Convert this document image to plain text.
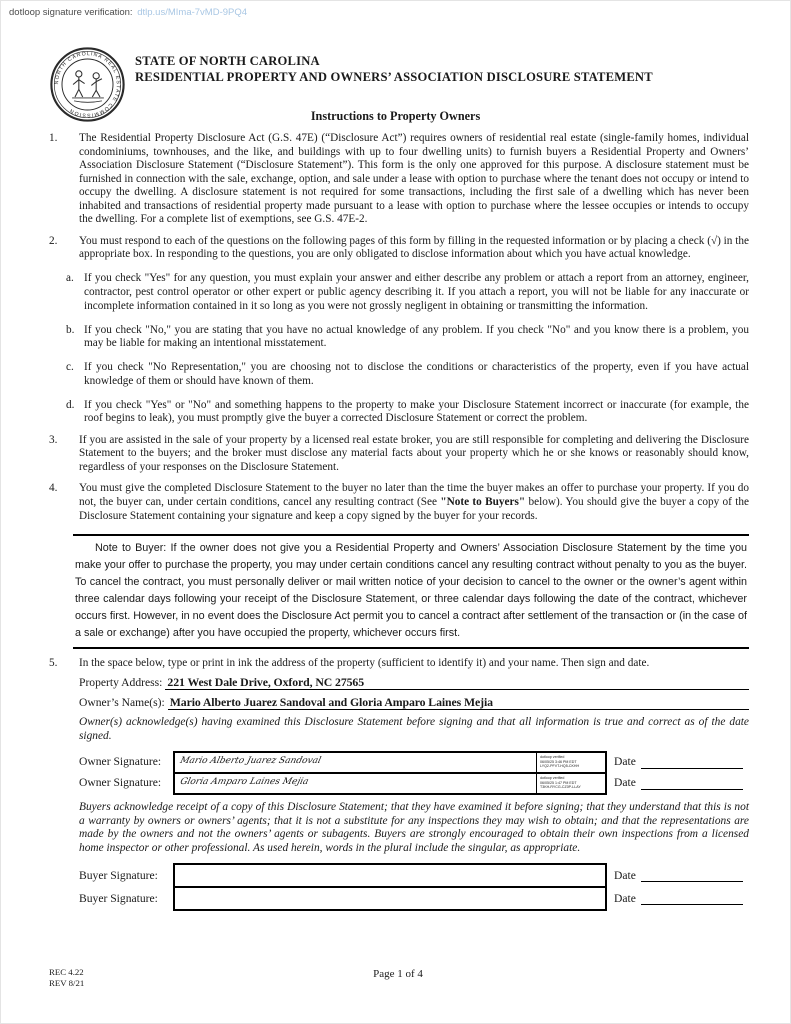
dotloop signature verification: dtlp.us/MIma-7vMD-9PQ4
NORTH CAROLINA REAL ESTATE COMMISSION
STATE OF NORTH CAROLINA
RESIDENTIAL PROPERTY AND OWNERS’ ASSOCIATION DISCLOSURE STATEMENT
Instructions to Property Owners
1.	The Residential Property Disclosure Act (G.S. 47E) (“Disclosure Act”) requires owners of residential real estate (single-family homes, individual condominiums, townhouses, and the like, and buildings with up to four dwelling units) to furnish buyers a Residential Property and Owners’ Association Disclosure Statement (“Disclosure Statement”). This form is the only one approved for this purpose. A disclosure statement must be furnished in connection with the sale, exchange, option, and sale under a lease with option to purchase where the tenant does not occupy or intend to occupy the dwelling. A disclosure statement is not required for some transactions, including the first sale of a dwelling which has never been inhabited and transactions of residential property made pursuant to a lease with option to purchase where the lessee occupies or intends to occupy the dwelling. For a complete list of exemptions, see G.S. 47E-2.
2.	You must respond to each of the questions on the following pages of this form by filling in the requested information or by placing a check (√) in the appropriate box. In responding to the questions, you are only obligated to disclose information about which you have actual knowledge.
a. If you check "Yes" for any question, you must explain your answer and either describe any problem or attach a report from an attorney, engineer, contractor, pest control operator or other expert or public agency describing it. If you attach a report, you will not be liable for any inaccurate or incomplete information contained in it so long as you were not grossly negligent in obtaining or transmitting the information.
b. If you check "No," you are stating that you have no actual knowledge of any problem. If you check "No" and you know there is a problem, you may be liable for making an intentional misstatement.
c. If you check "No Representation," you are choosing not to disclose the conditions or characteristics of the property, even if you have actual knowledge of them or should have known of them.
d. If you check "Yes" or "No" and something happens to the property to make your Disclosure Statement incorrect or inaccurate (for example, the roof begins to leak), you must promptly give the buyer a corrected Disclosure Statement or correct the problem.
3.	If you are assisted in the sale of your property by a licensed real estate broker, you are still responsible for completing and delivering the Disclosure Statement to the buyers; and the broker must disclose any material facts about your property which he or she knows or reasonably should know, regardless of your responses on the Disclosure Statement.
4.	You must give the completed Disclosure Statement to the buyer no later than the time the buyer makes an offer to purchase your property. If you do not, the buyer can, under certain conditions, cancel any resulting contract (See "Note to Buyers" below). You should give the buyer a copy of the Disclosure Statement containing your signature and keep a copy signed by the buyer for your records.
Note to Buyer: If the owner does not give you a Residential Property and Owners’ Association Disclosure Statement by the time you make your offer to purchase the property, you may under certain conditions cancel any resulting contract without penalty to you as the buyer. To cancel the contract, you must personally deliver or mail written notice of your decision to cancel to the owner or the owner’s agent within three calendar days following your receipt of the Disclosure Statement, or three calendar days following the date of the contract, whichever occurs first. However, in no event does the Disclosure Act permit you to cancel a contract after settlement of the transaction or (in the case of a sale or exchange) after you have occupied the property, whichever occurs first.
5.	In the space below, type or print in ink the address of the property (sufficient to identify it) and your name. Then sign and date.
Property Address: 221 West Dale Drive, Oxford, NC 27565
Owner’s Name(s): Mario Alberto Juarez Sandoval and Gloria Amparo Laines Mejia
Owner(s) acknowledge(s) having examined this Disclosure Statement before signing and that all information is true and correct as of the date signed.
Owner Signature:	Mario Alberto Juarez Sandoval	dotloop verified
06/05/25 3:46 PM EDT
LYQ2-PFVT-HQ5-CKHH	Date
Owner Signature:	Gloria Amparo Laines Mejia	dotloop verified
06/05/25 1:47 PM EDT
T3KH-RYCG-CZ0P-LLAY	Date
Buyers acknowledge receipt of a copy of this Disclosure Statement; that they have examined it before signing; that they understand that this is not a warranty by owners or owners’ agents; that it is not a substitute for any inspections they may wish to obtain; and that the representations are made by the owners and not the owners’ agents or subagents. Buyers are strongly encouraged to obtain their own inspections from a licensed home inspector or other professional. As used herein, words in the plural include the singular, as appropriate.
Buyer Signature:	Date
Buyer Signature:	Date
REC 4.22
REV 8/21
Page 1 of 4
